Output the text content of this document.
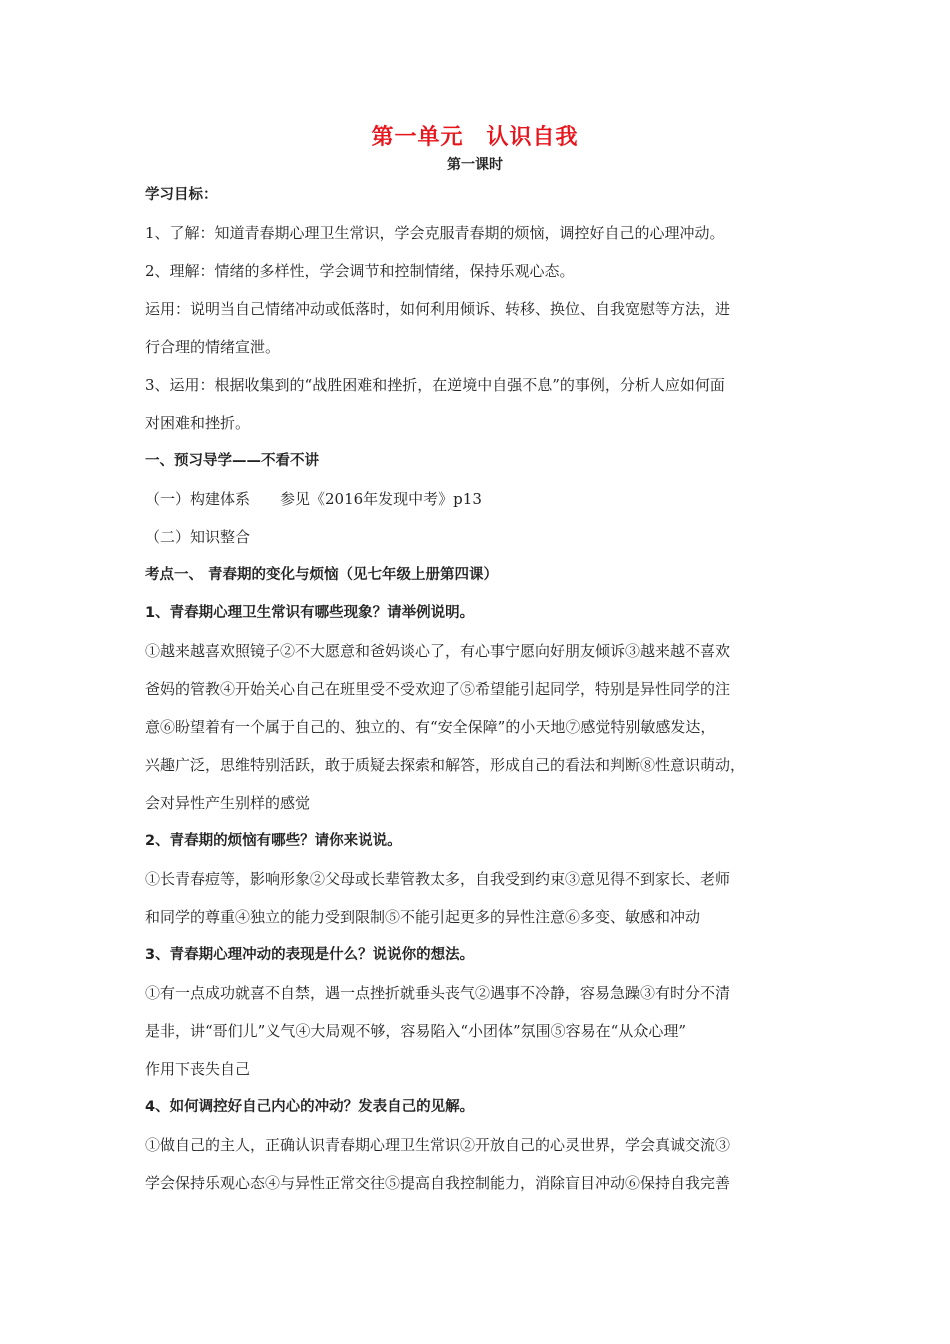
第一单元　认识自我
第一课时

学习目标：

1、了解：知道青春期心理卫生常识，学会克服青春期的烦恼，调控好自己的心理冲动。

2、理解：情绪的多样性，学会调节和控制情绪，保持乐观心态。

运用：说明当自己情绪冲动或低落时，如何利用倾诉、转移、换位、自我宽慰等方法，进

行合理的情绪宣泄。

3、运用：根据收集到的“战胜困难和挫折，在逆境中自强不息”的事例，分析人应如何面

对困难和挫折。

一、预习导学——不看不讲

（一）构建体系　　参见《2016年发现中考》p13

（二）知识整合

考点一、 青春期的变化与烦恼（见七年级上册第四课）

1、青春期心理卫生常识有哪些现象？请举例说明。

①越来越喜欢照镜子②不大愿意和爸妈谈心了，有心事宁愿向好朋友倾诉③越来越不喜欢

爸妈的管教④开始关心自己在班里受不受欢迎了⑤希望能引起同学，特别是异性同学的注

意⑥盼望着有一个属于自己的、独立的、有“安全保障”的小天地⑦感觉特别敏感发达，

兴趣广泛，思维特别活跃，敢于质疑去探索和解答，形成自己的看法和判断⑧性意识萌动，

会对异性产生别样的感觉

2、青春期的烦恼有哪些？请你来说说。

①长青春痘等，影响形象②父母或长辈管教太多，自我受到约束③意见得不到家长、老师

和同学的尊重④独立的能力受到限制⑤不能引起更多的异性注意⑥多变、敏感和冲动

3、青春期心理冲动的表现是什么？说说你的想法。

①有一点成功就喜不自禁，遇一点挫折就垂头丧气②遇事不冷静，容易急躁③有时分不清

是非，讲“哥们儿”义气④大局观不够，容易陷入“小团体”氛围⑤容易在“从众心理”

作用下丧失自己

4、如何调控好自己内心的冲动？发表自己的见解。

①做自己的主人，正确认识青春期心理卫生常识②开放自己的心灵世界，学会真诚交流③

学会保持乐观心态④与异性正常交往⑤提高自我控制能力，消除盲目冲动⑥保持自我完善
